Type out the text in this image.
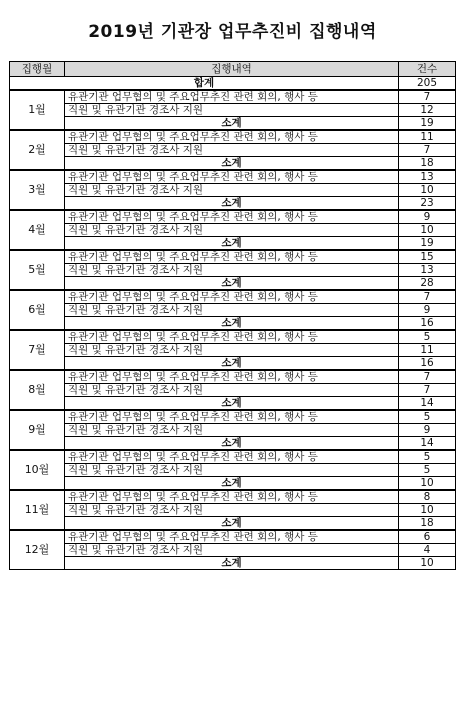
2019년 기관장 업무추진비 집행내역
집행월	집행내역	건수
합계		205
1월	유관기관 업무협의 및 주요업무추진 관련 회의, 행사 등	7
	직원 및 유관기관 경조사 지원	12
	소계	19
2월	유관기관 업무협의 및 주요업무추진 관련 회의, 행사 등	11
	직원 및 유관기관 경조사 지원	7
	소계	18
3월	유관기관 업무협의 및 주요업무추진 관련 회의, 행사 등	13
	직원 및 유관기관 경조사 지원	10
	소계	23
4월	유관기관 업무협의 및 주요업무추진 관련 회의, 행사 등	9
	직원 및 유관기관 경조사 지원	10
	소계	19
5월	유관기관 업무협의 및 주요업무추진 관련 회의, 행사 등	15
	직원 및 유관기관 경조사 지원	13
	소계	28
6월	유관기관 업무협의 및 주요업무추진 관련 회의, 행사 등	7
	직원 및 유관기관 경조사 지원	9
	소계	16
7월	유관기관 업무협의 및 주요업무추진 관련 회의, 행사 등	5
	직원 및 유관기관 경조사 지원	11
	소계	16
8월	유관기관 업무협의 및 주요업무추진 관련 회의, 행사 등	7
	직원 및 유관기관 경조사 지원	7
	소계	14
9월	유관기관 업무협의 및 주요업무추진 관련 회의, 행사 등	5
	직원 및 유관기관 경조사 지원	9
	소계	14
10월	유관기관 업무협의 및 주요업무추진 관련 회의, 행사 등	5
	직원 및 유관기관 경조사 지원	5
	소계	10
11월	유관기관 업무협의 및 주요업무추진 관련 회의, 행사 등	8
	직원 및 유관기관 경조사 지원	10
	소계	18
12월	유관기관 업무협의 및 주요업무추진 관련 회의, 행사 등	6
	직원 및 유관기관 경조사 지원	4
	소계	10
